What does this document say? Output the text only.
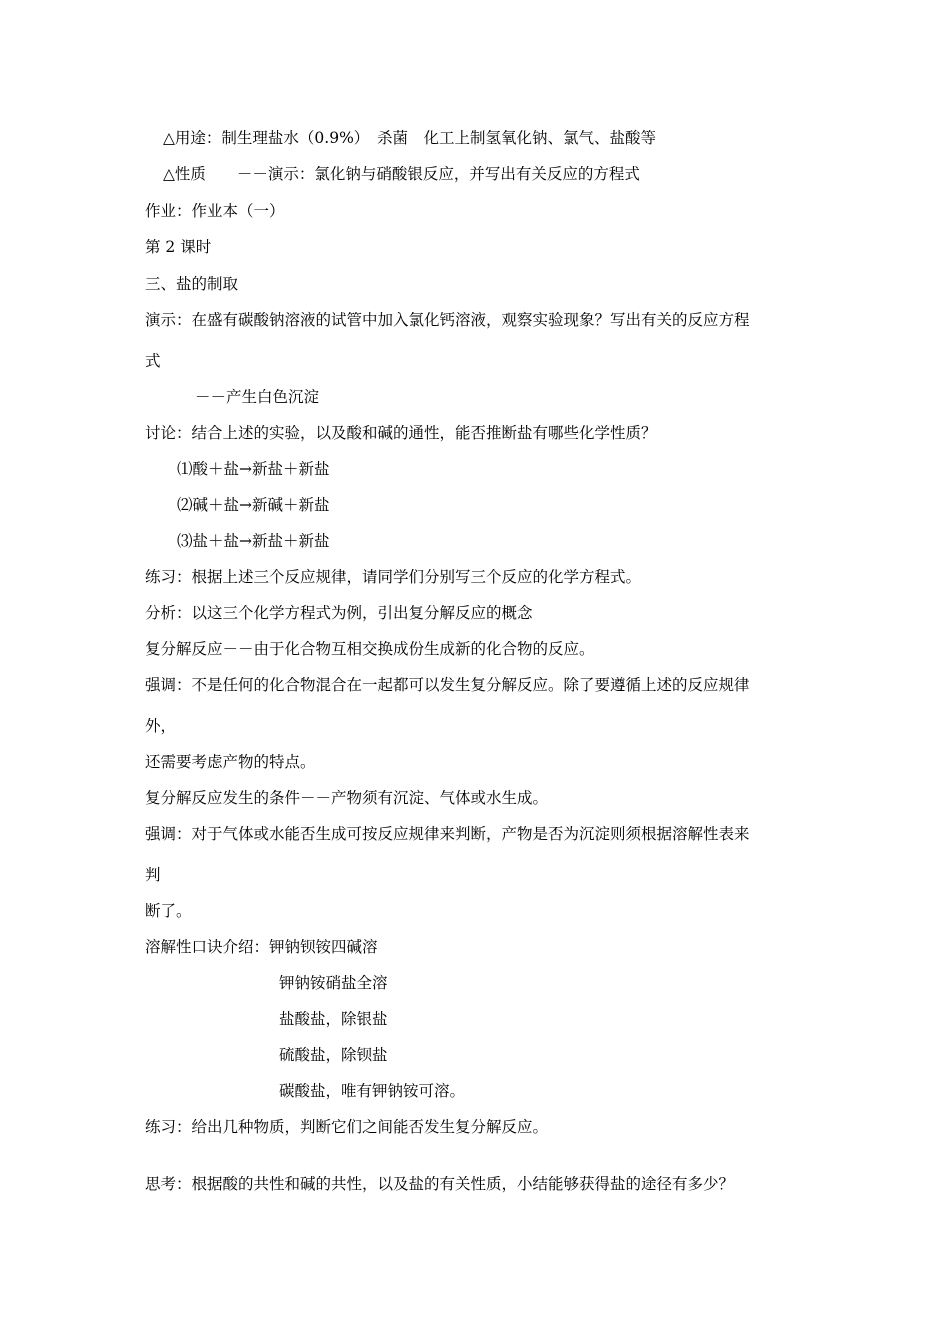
△用途：制生理盐水（0.9%）　杀菌　化工上制氢氧化钠、氯气、盐酸等
△性质　　－－演示：氯化钠与硝酸银反应，并写出有关反应的方程式
作业：作业本（一）
第 2 课时
三、盐的制取
演示：在盛有碳酸钠溶液的试管中加入氯化钙溶液，观察实验现象？写出有关的反应方程
式
－－产生白色沉淀
讨论：结合上述的实验，以及酸和碱的通性，能否推断盐有哪些化学性质？
⑴酸＋盐→新盐＋新盐
⑵碱＋盐→新碱＋新盐
⑶盐＋盐→新盐＋新盐
练习：根据上述三个反应规律，请同学们分别写三个反应的化学方程式。
分析：以这三个化学方程式为例，引出复分解反应的概念
复分解反应－－由于化合物互相交换成份生成新的化合物的反应。
强调：不是任何的化合物混合在一起都可以发生复分解反应。除了要遵循上述的反应规律
外，
还需要考虑产物的特点。
复分解反应发生的条件－－产物须有沉淀、气体或水生成。
强调：对于气体或水能否生成可按反应规律来判断，产物是否为沉淀则须根据溶解性表来
判
断了。
溶解性口诀介绍：钾钠钡铵四碱溶
钾钠铵硝盐全溶
盐酸盐，除银盐
硫酸盐，除钡盐
碳酸盐，唯有钾钠铵可溶。
练习：给出几种物质，判断它们之间能否发生复分解反应。
思考：根据酸的共性和碱的共性，以及盐的有关性质，小结能够获得盐的途径有多少？
